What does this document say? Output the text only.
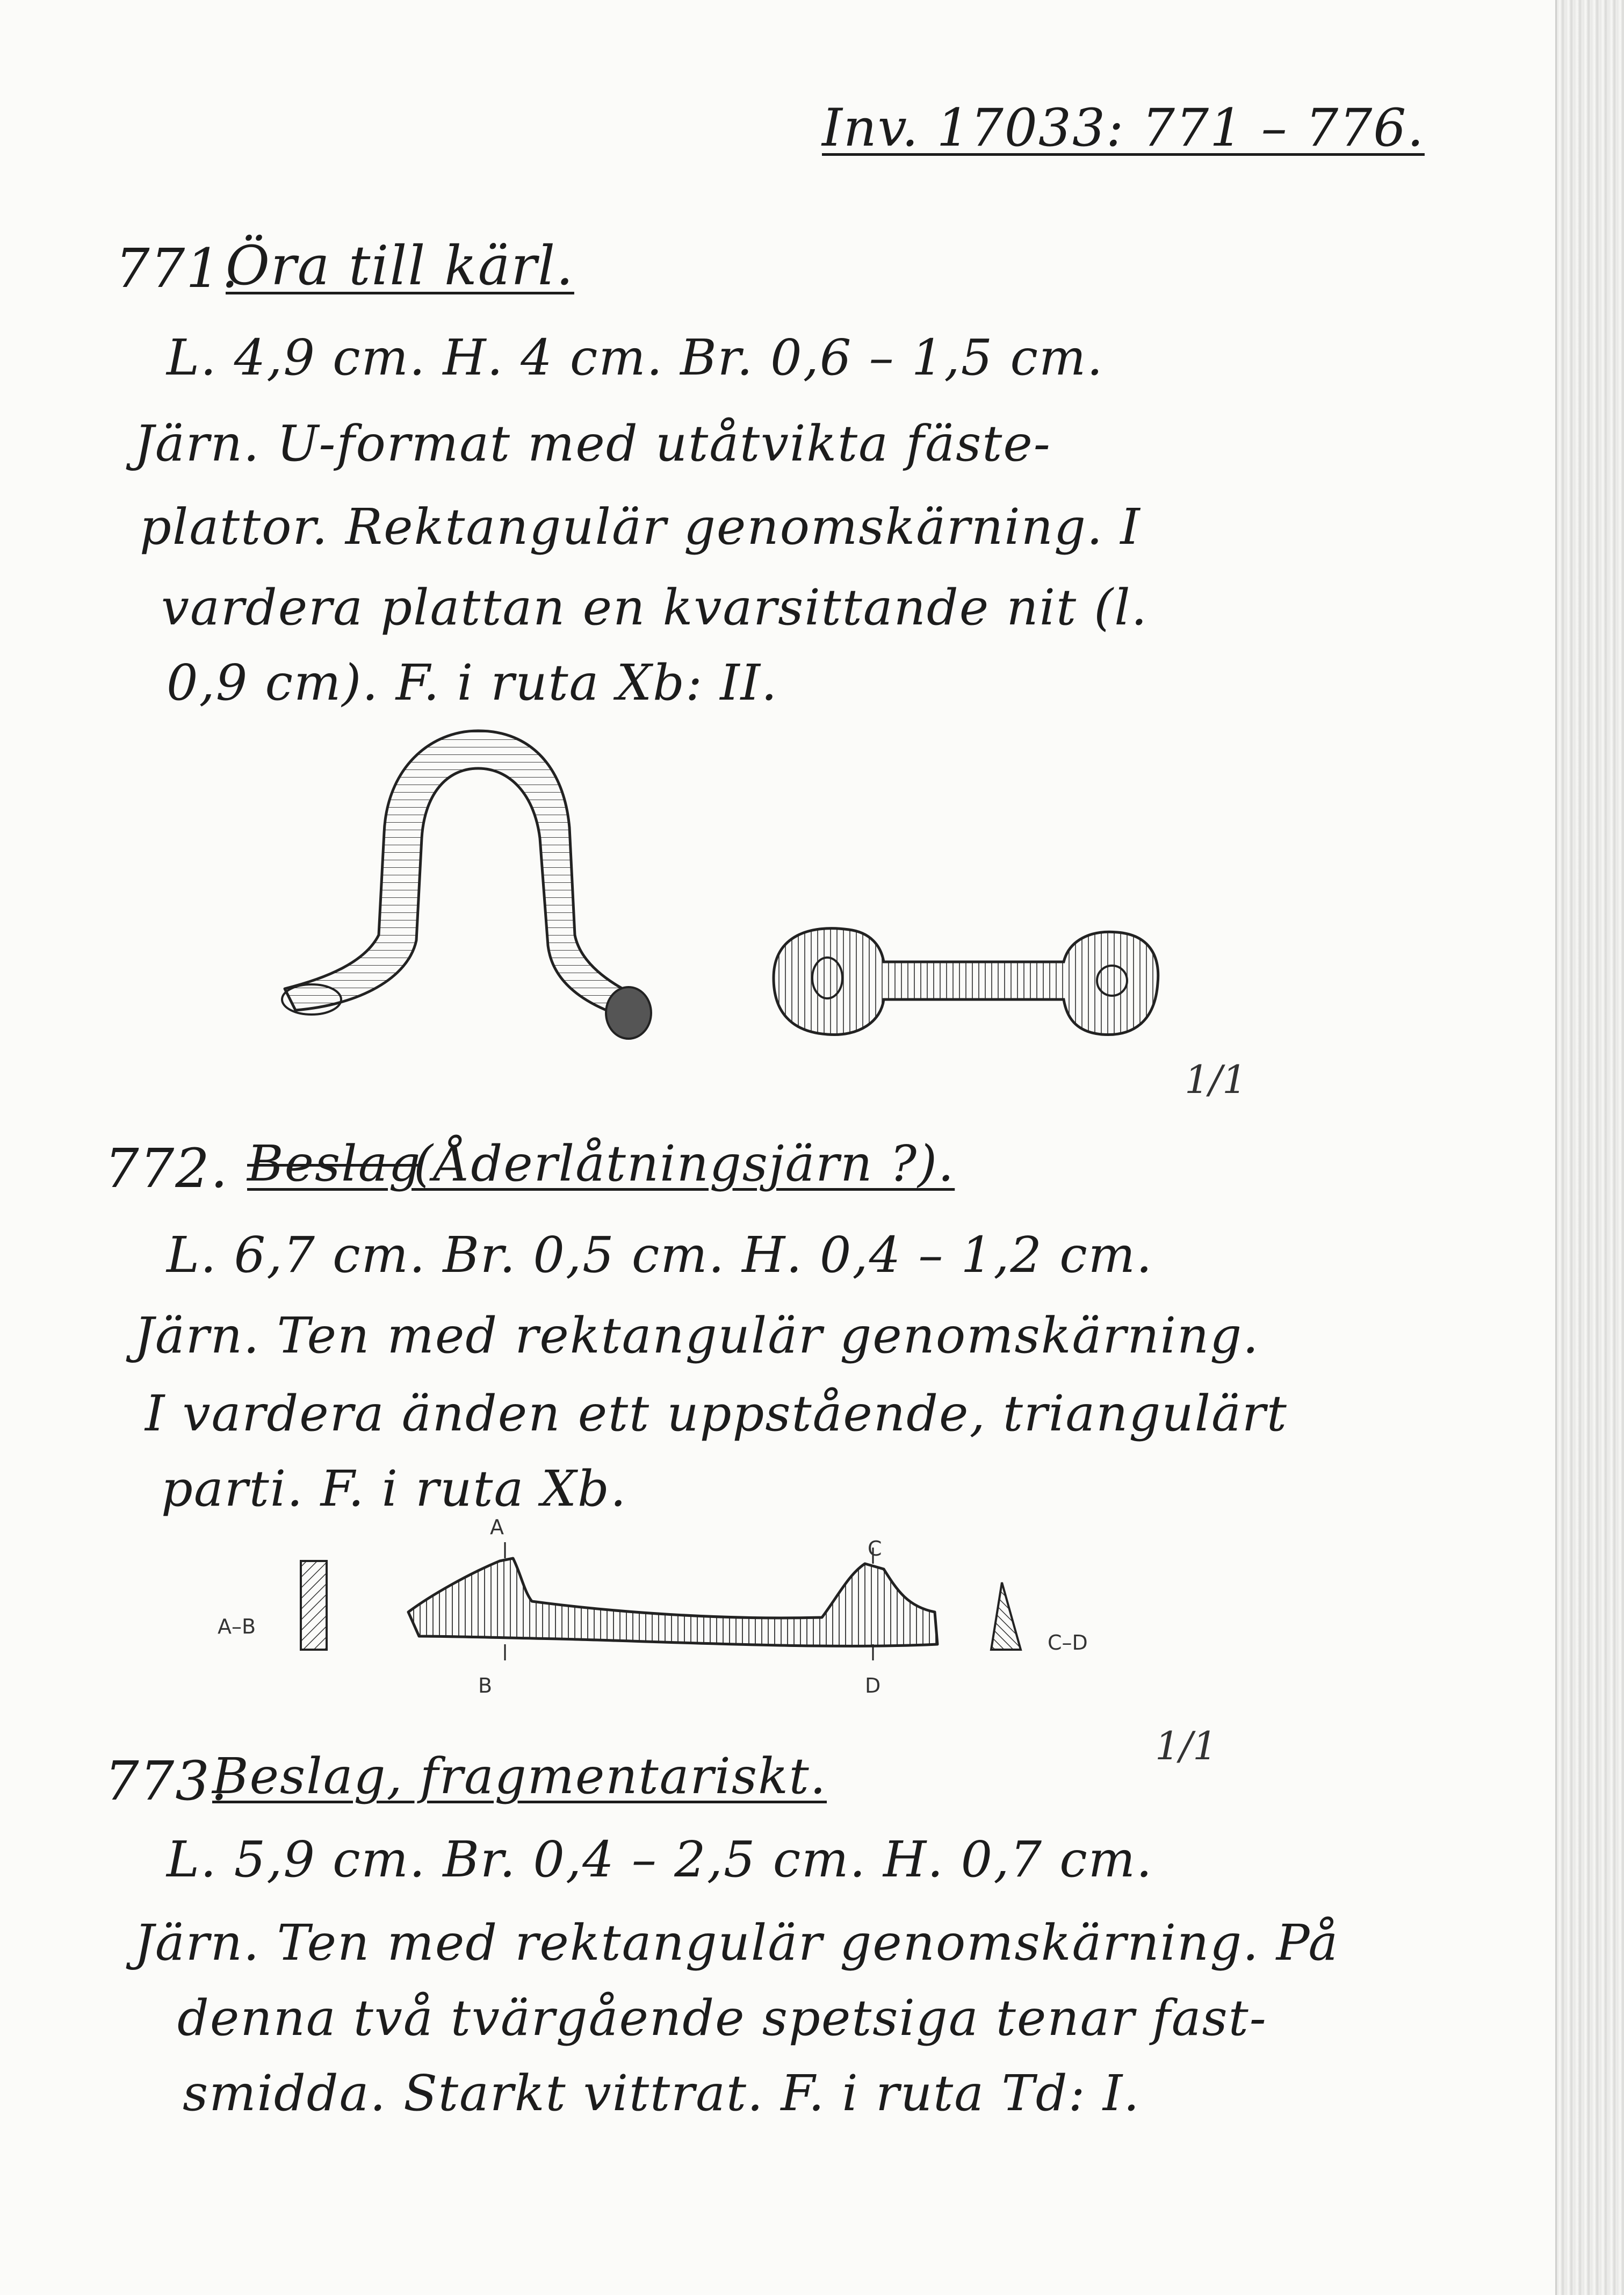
Inv. 17033: 771 – 776.

771.

Öra till kärl.

L. 4,9 cm. H. 4 cm. Br. 0,6 – 1,5 cm.

Järn. U-format med utåtvikta fäste-

plattor. Rektangulär genomskärning. I

vardera plattan en kvarsittande nit (l.

0,9 cm). F. i ruta Xb: II.

1/1

772. Beslag

(Åderlåtningsjärn ?).

L. 6,7 cm. Br. 0,5 cm. H. 0,4 – 1,2 cm.

Järn. Ten med rektangulär genomskärning.

I vardera änden ett uppstående, triangulärt

parti. F. i ruta Xb.

A–B
A
B
C
D
C–D

1/1

773.

Beslag, fragmentariskt.

L. 5,9 cm. Br. 0,4 – 2,5 cm. H. 0,7 cm.

Järn. Ten med rektangulär genomskärning. På

denna två tvärgående spetsiga tenar fast-

smidda. Starkt vittrat. F. i ruta Td: I.
